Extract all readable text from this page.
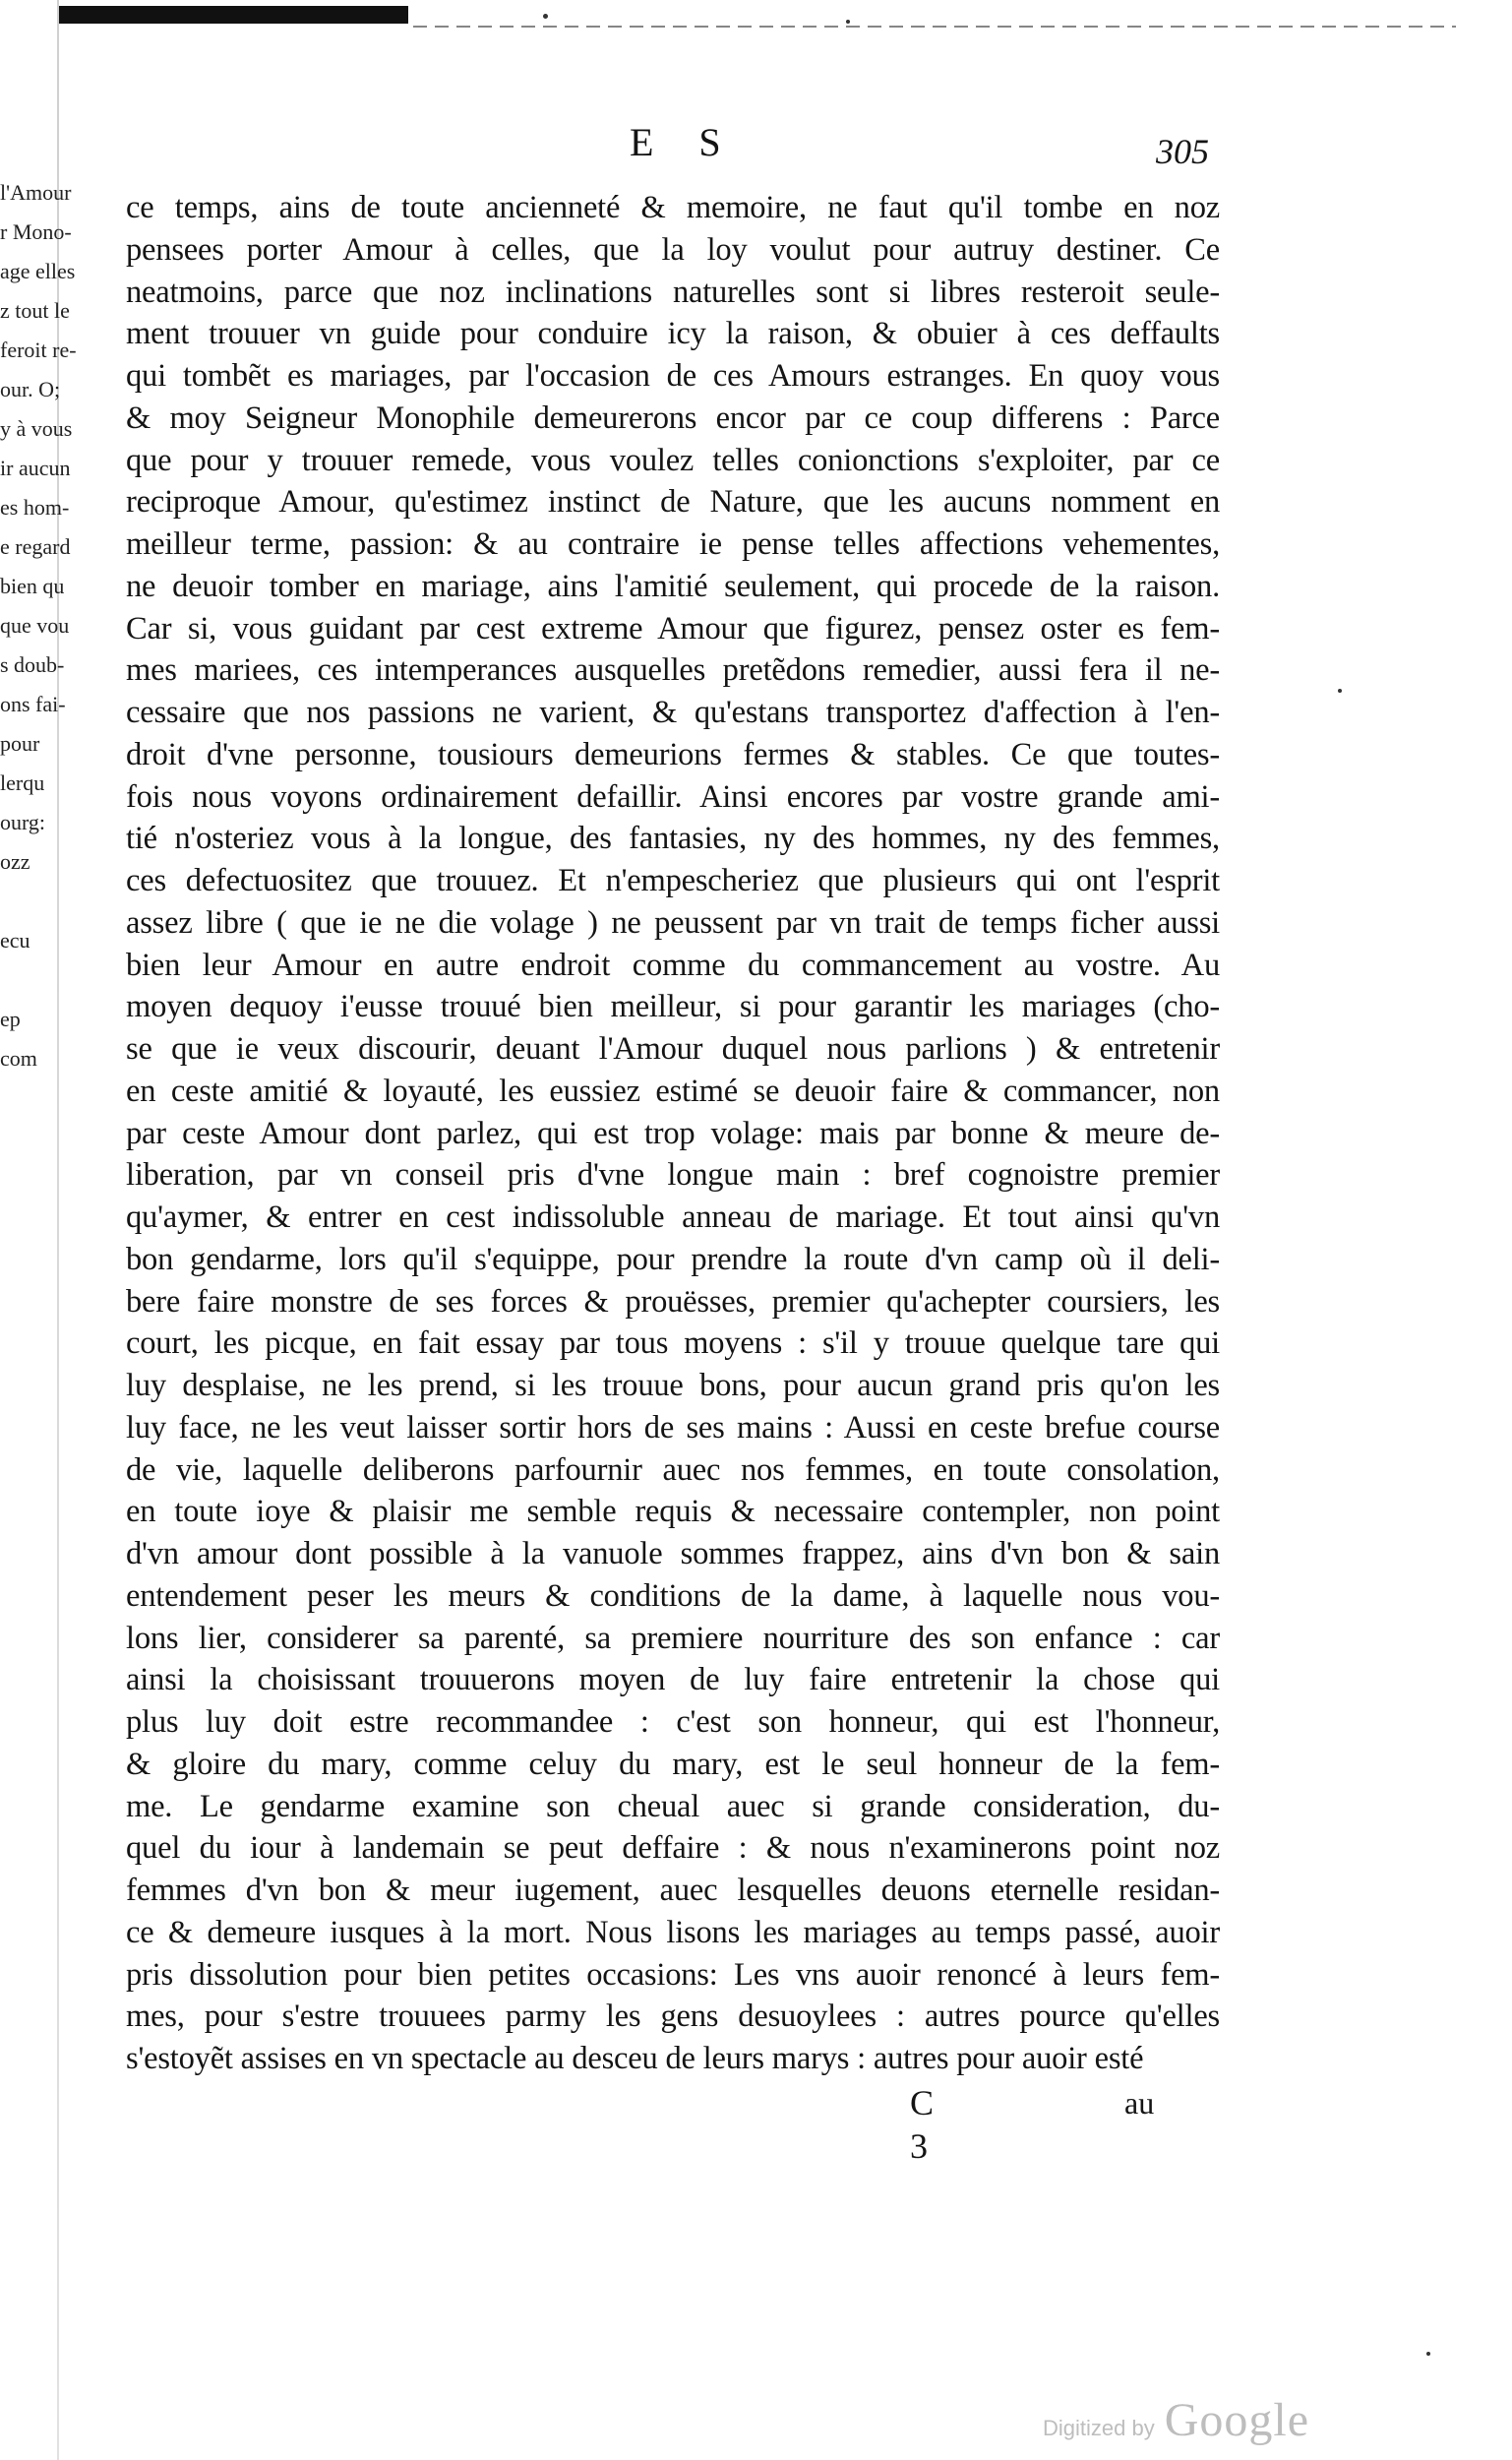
l'Amour
r Mono-
age elles
z tout le
feroit re-
our. O;
y à vous
ir aucun
es hom-
e regard
bien qu
que vou
s doub-
ons fai-
pour
lerqu
ourg:
ozz
ecu
ep
com
E S	305
ce temps, ains de toute ancienneté & memoire, ne faut qu'il tombe en noz
pensees porter Amour à celles, que la loy voulut pour autruy destiner. Ce
neatmoins, parce que noz inclinations naturelles sont si libres resteroit seule-
ment trouuer vn guide pour conduire icy la raison, & obuier à ces deffaults
qui tombẽt es mariages, par l'occasion de ces Amours estranges. En quoy vous
& moy Seigneur Monophile demeurerons encor par ce coup differens : Parce
que pour y trouuer remede, vous voulez telles conionctions s'exploiter, par ce
reciproque Amour, qu'estimez instinct de Nature, que les aucuns nomment en
meilleur terme, passion: & au contraire ie pense telles affections vehementes,
ne deuoir tomber en mariage, ains l'amitié seulement, qui procede de la raison.
Car si, vous guidant par cest extreme Amour que figurez, pensez oster es fem-
mes mariees, ces intemperances ausquelles pretẽdons remedier, aussi fera il ne-
cessaire que nos passions ne varient, & qu'estans transportez d'affection à l'en-
droit d'vne personne, tousiours demeurions fermes & stables. Ce que toutes-
fois nous voyons ordinairement defaillir. Ainsi encores par vostre grande ami-
tié n'osteriez vous à la longue, des fantasies, ny des hommes, ny des femmes,
ces defectuositez que trouuez. Et n'empescheriez que plusieurs qui ont l'esprit
assez libre ( que ie ne die volage ) ne peussent par vn trait de temps ficher aussi
bien leur Amour en autre endroit comme du commancement au vostre. Au
moyen dequoy i'eusse trouué bien meilleur, si pour garantir les mariages (cho-
se que ie veux discourir, deuant l'Amour duquel nous parlions ) & entretenir
en ceste amitié & loyauté, les eussiez estimé se deuoir faire & commancer, non
par ceste Amour dont parlez, qui est trop volage: mais par bonne & meure de-
liberation, par vn conseil pris d'vne longue main : bref cognoistre premier
qu'aymer, & entrer en cest indissoluble anneau de mariage. Et tout ainsi qu'vn
bon gendarme, lors qu'il s'equippe, pour prendre la route d'vn camp où il deli-
bere faire monstre de ses forces & prouësses, premier qu'achepter coursiers, les
court, les picque, en fait essay par tous moyens : s'il y trouue quelque tare qui
luy desplaise, ne les prend, si les trouue bons, pour aucun grand pris qu'on les
luy face, ne les veut laisser sortir hors de ses mains : Aussi en ceste brefue course
de vie, laquelle deliberons parfournir auec nos femmes, en toute consolation,
en toute ioye & plaisir me semble requis & necessaire contempler, non point
d'vn amour dont possible à la vanuole sommes frappez, ains d'vn bon & sain
entendement peser les meurs & conditions de la dame, à laquelle nous vou-
lons lier, considerer sa parenté, sa premiere nourriture des son enfance : car
ainsi la choisissant trouuerons moyen de luy faire entretenir la chose qui
plus luy doit estre recommandee : c'est son honneur, qui est l'honneur,
& gloire du mary, comme celuy du mary, est le seul honneur de la fem-
me. Le gendarme examine son cheual auec si grande consideration, du-
quel du iour à landemain se peut deffaire : & nous n'examinerons point noz
femmes d'vn bon & meur iugement, auec lesquelles deuons eternelle residan-
ce & demeure iusques à la mort. Nous lisons les mariages au temps passé, auoir
pris dissolution pour bien petites occasions: Les vns auoir renoncé à leurs fem-
mes, pour s'estre trouuees parmy les gens desuoylees : autres pource qu'elles
s'estoyẽt assises en vn spectacle au desceu de leurs marys : autres pour auoir esté
C 3
au
Digitized by Google
